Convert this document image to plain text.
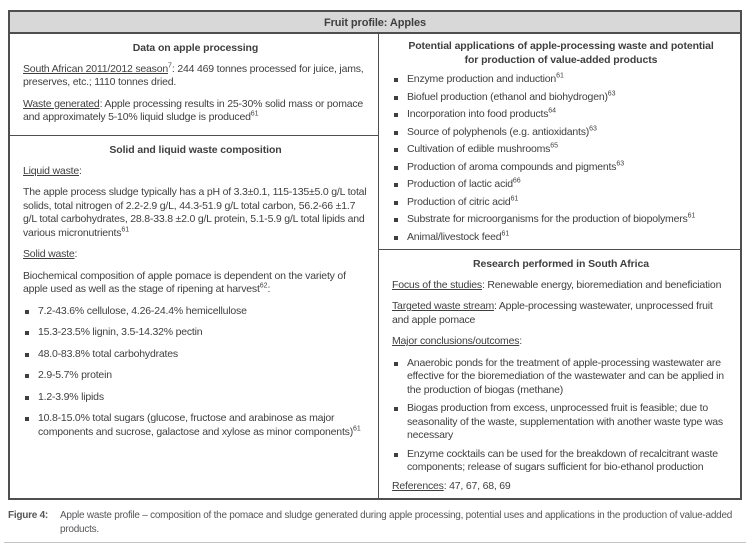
Fruit profile: Apples
Data on apple processing

South African 2011/2012 season$^7$: 244 469 tonnes processed for juice, jams, preserves, etc.; 1110 tonnes dried.

Waste generated: Apple processing results in 25-30% solid mass or pomace and approximately 5-10% liquid sludge is produced$^{61}$

Solid and liquid waste composition

Liquid waste:

The apple process sludge typically has a pH of 3.3±0.1, 115-135±5.0 g/L total solids, total nitrogen of 2.2-2.9 g/L, 44.3-51.9 g/L total carbon, 56.2-66 ±1.7 g/L total carbohydrates, 28.8-33.8 ±2.0 g/L protein, 5.1-5.9 g/L total lipids and various micronutrients$^{61}$

Solid waste:

Biochemical composition of apple pomace is dependent on the variety of apple used as well as the stage of ripening at harvest$^{62}$:

7.2-43.6% cellulose, 4.26-24.4% hemicellulose
15.3-23.5% lignin, 3.5-14.32% pectin
48.0-83.8% total carbohydrates
2.9-5.7% protein
1.2-3.9% lipids
10.8-15.0% total sugars (glucose, fructose and arabinose as major components and sucrose, galactose and xylose as minor components)$^{61}$
Potential applications of apple-processing waste and potential for production of value-added products
Enzyme production and induction$^{61}$
Biofuel production (ethanol and biohydrogen)$^{63}$
Incorporation into food products$^{64}$
Source of polyphenols (e.g. antioxidants)$^{63}$
Cultivation of edible mushrooms$^{65}$
Production of aroma compounds and pigments$^{63}$
Production of lactic acid$^{66}$
Production of citric acid$^{61}$
Substrate for microorganisms for the production of biopolymers$^{61}$
Animal/livestock feed$^{61}$
Research performed in South Africa

Focus of the studies: Renewable energy, bioremediation and beneficiation

Targeted waste stream: Apple-processing wastewater, unprocessed fruit and apple pomace

Major conclusions/outcomes:

Anaerobic ponds for the treatment of apple-processing wastewater are effective for the bioremediation of the wastewater and can be applied in the production of biogas (methane)
Biogas production from excess, unprocessed fruit is feasible; due to seasonality of the waste, supplementation with another waste type was necessary
Enzyme cocktails can be used for the breakdown of recalcitrant waste components; release of sugars sufficient for bio-ethanol production

References: 47, 67, 68, 69

Figure 4:	Apple waste profile – composition of the pomace and sludge generated during apple processing, potential uses and applications in the production of value-added products.
